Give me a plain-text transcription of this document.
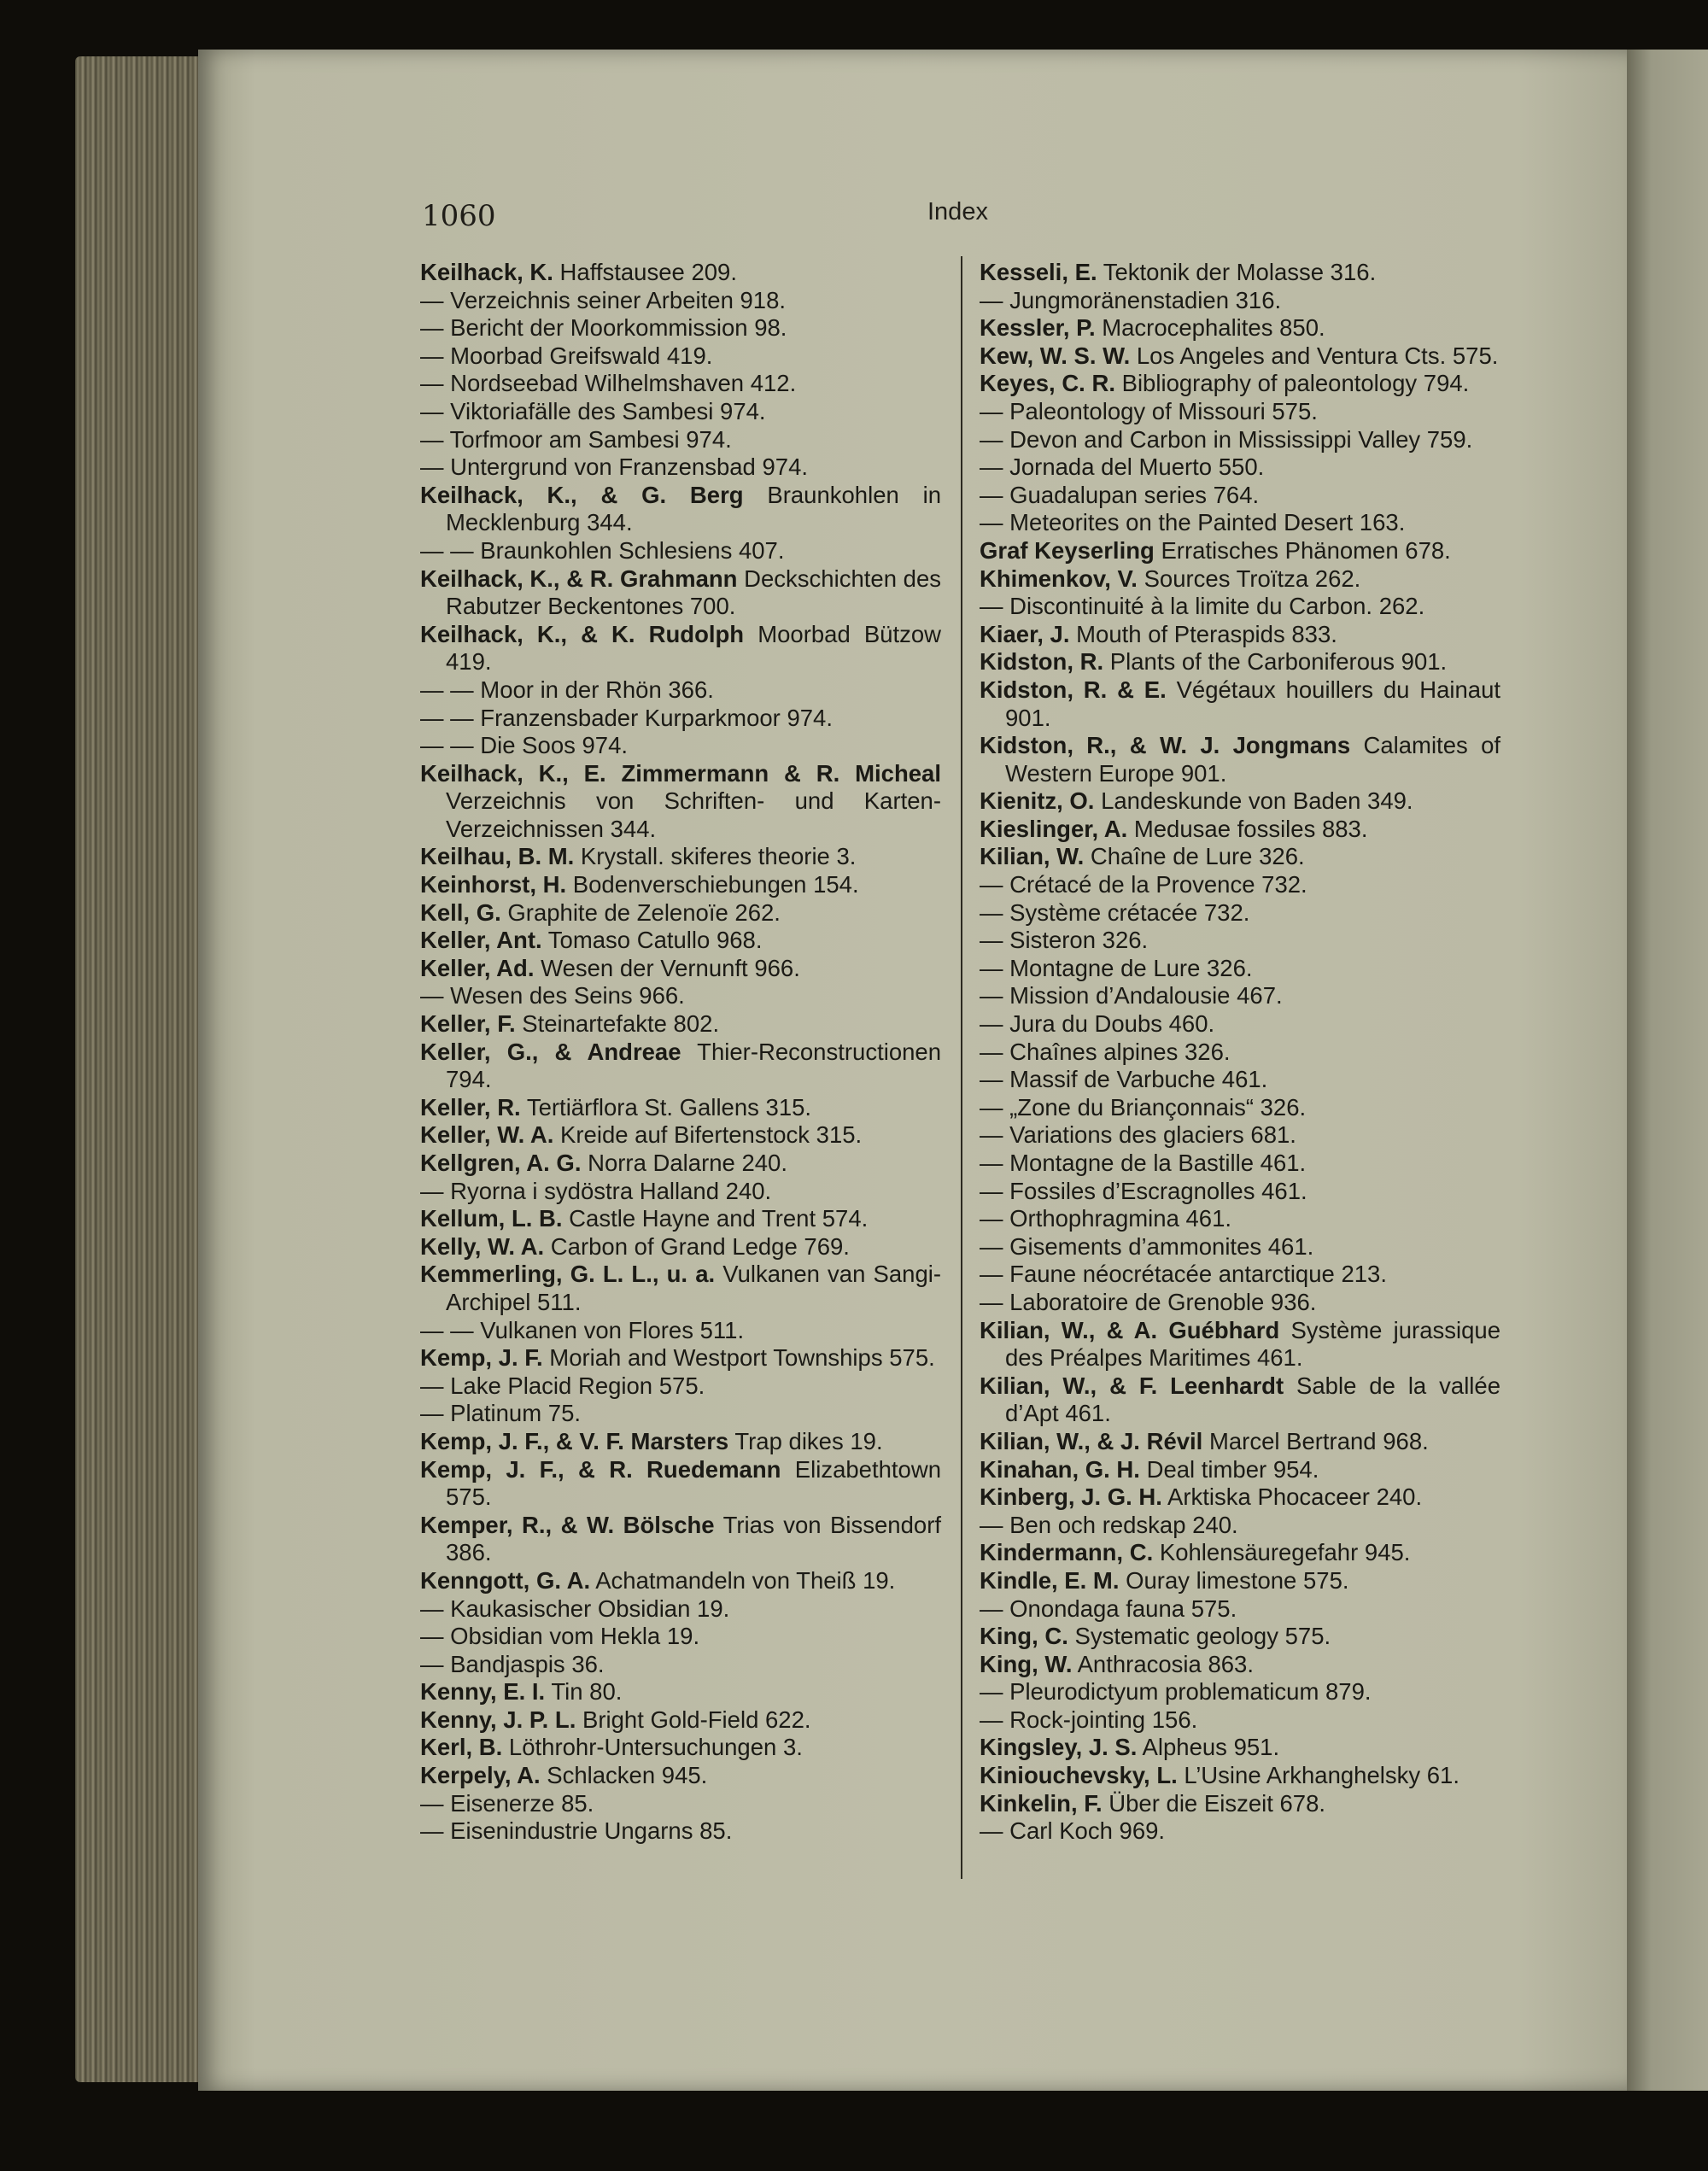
1060	Index
Keilhack, K. Haffstausee 209.
— Verzeichnis seiner Arbeiten 918.
— Bericht der Moorkommission 98.
— Moorbad Greifswald 419.
— Nordseebad Wilhelmshaven 412.
— Viktoriafälle des Sambesi 974.
— Torfmoor am Sambesi 974.
— Untergrund von Franzensbad 974.
Keilhack, K., & G. Berg Braunkohlen in Mecklenburg 344.
— — Braunkohlen Schlesiens 407.
Keilhack, K., & R. Grahmann Deckschichten des Rabutzer Beckentones 700.
Keilhack, K., & K. Rudolph Moorbad Bützow 419.
— — Moor in der Rhön 366.
— — Franzensbader Kurparkmoor 974.
— — Die Soos 974.
Keilhack, K., E. Zimmermann & R. Micheal Verzeichnis von Schriften- und Karten-Verzeichnissen 344.
Keilhau, B. M. Krystall. skiferes theorie 3.
Keinhorst, H. Bodenverschiebungen 154.
Kell, G. Graphite de Zelenoïe 262.
Keller, Ant. Tomaso Catullo 968.
Keller, Ad. Wesen der Vernunft 966.
— Wesen des Seins 966.
Keller, F. Steinartefakte 802.
Keller, G., & Andreae Thier-Reconstructionen 794.
Keller, R. Tertiärflora St. Gallens 315.
Keller, W. A. Kreide auf Bifertenstock 315.
Kellgren, A. G. Norra Dalarne 240.
— Ryorna i sydöstra Halland 240.
Kellum, L. B. Castle Hayne and Trent 574.
Kelly, W. A. Carbon of Grand Ledge 769.
Kemmerling, G. L. L., u. a. Vulkanen van Sangi-Archipel 511.
— — Vulkanen von Flores 511.
Kemp, J. F. Moriah and Westport Townships 575.
— Lake Placid Region 575.
— Platinum 75.
Kemp, J. F., & V. F. Marsters Trap dikes 19.
Kemp, J. F., & R. Ruedemann Elizabethtown 575.
Kemper, R., & W. Bölsche Trias von Bissendorf 386.
Kenngott, G. A. Achatmandeln von Theiß 19.
— Kaukasischer Obsidian 19.
— Obsidian vom Hekla 19.
— Bandjaspis 36.
Kenny, E. I. Tin 80.
Kenny, J. P. L. Bright Gold-Field 622.
Kerl, B. Löthrohr-Untersuchungen 3.
Kerpely, A. Schlacken 945.
— Eisenerze 85.
— Eisenindustrie Ungarns 85.
Kesseli, E. Tektonik der Molasse 316.
— Jungmoränenstadien 316.
Kessler, P. Macrocephalites 850.
Kew, W. S. W. Los Angeles and Ventura Cts. 575.
Keyes, C. R. Bibliography of paleontology 794.
— Paleontology of Missouri 575.
— Devon and Carbon in Mississippi Valley 759.
— Jornada del Muerto 550.
— Guadalupan series 764.
— Meteorites on the Painted Desert 163.
Graf Keyserling Erratisches Phänomen 678.
Khimenkov, V. Sources Troïtza 262.
— Discontinuité à la limite du Carbon. 262.
Kiaer, J. Mouth of Pteraspids 833.
Kidston, R. Plants of the Carboniferous 901.
Kidston, R. & E. Végétaux houillers du Hainaut 901.
Kidston, R., & W. J. Jongmans Calamites of Western Europe 901.
Kienitz, O. Landeskunde von Baden 349.
Kieslinger, A. Medusae fossiles 883.
Kilian, W. Chaîne de Lure 326.
— Crétacé de la Provence 732.
— Système crétacée 732.
— Sisteron 326.
— Montagne de Lure 326.
— Mission d’Andalousie 467.
— Jura du Doubs 460.
— Chaînes alpines 326.
— Massif de Varbuche 461.
— „Zone du Briançonnais“ 326.
— Variations des glaciers 681.
— Montagne de la Bastille 461.
— Fossiles d’Escragnolles 461.
— Orthophragmina 461.
— Gisements d’ammonites 461.
— Faune néocrétacée antarctique 213.
— Laboratoire de Grenoble 936.
Kilian, W., & A. Guébhard Système jurassique des Préalpes Maritimes 461.
Kilian, W., & F. Leenhardt Sable de la vallée d’Apt 461.
Kilian, W., & J. Révil Marcel Bertrand 968.
Kinahan, G. H. Deal timber 954.
Kinberg, J. G. H. Arktiska Phocaceer 240.
— Ben och redskap 240.
Kindermann, C. Kohlensäuregefahr 945.
Kindle, E. M. Ouray limestone 575.
— Onondaga fauna 575.
King, C. Systematic geology 575.
King, W. Anthracosia 863.
— Pleurodictyum problematicum 879.
— Rock-jointing 156.
Kingsley, J. S. Alpheus 951.
Kiniouchevsky, L. L’Usine Arkhanghelsky 61.
Kinkelin, F. Über die Eiszeit 678.
— Carl Koch 969.
